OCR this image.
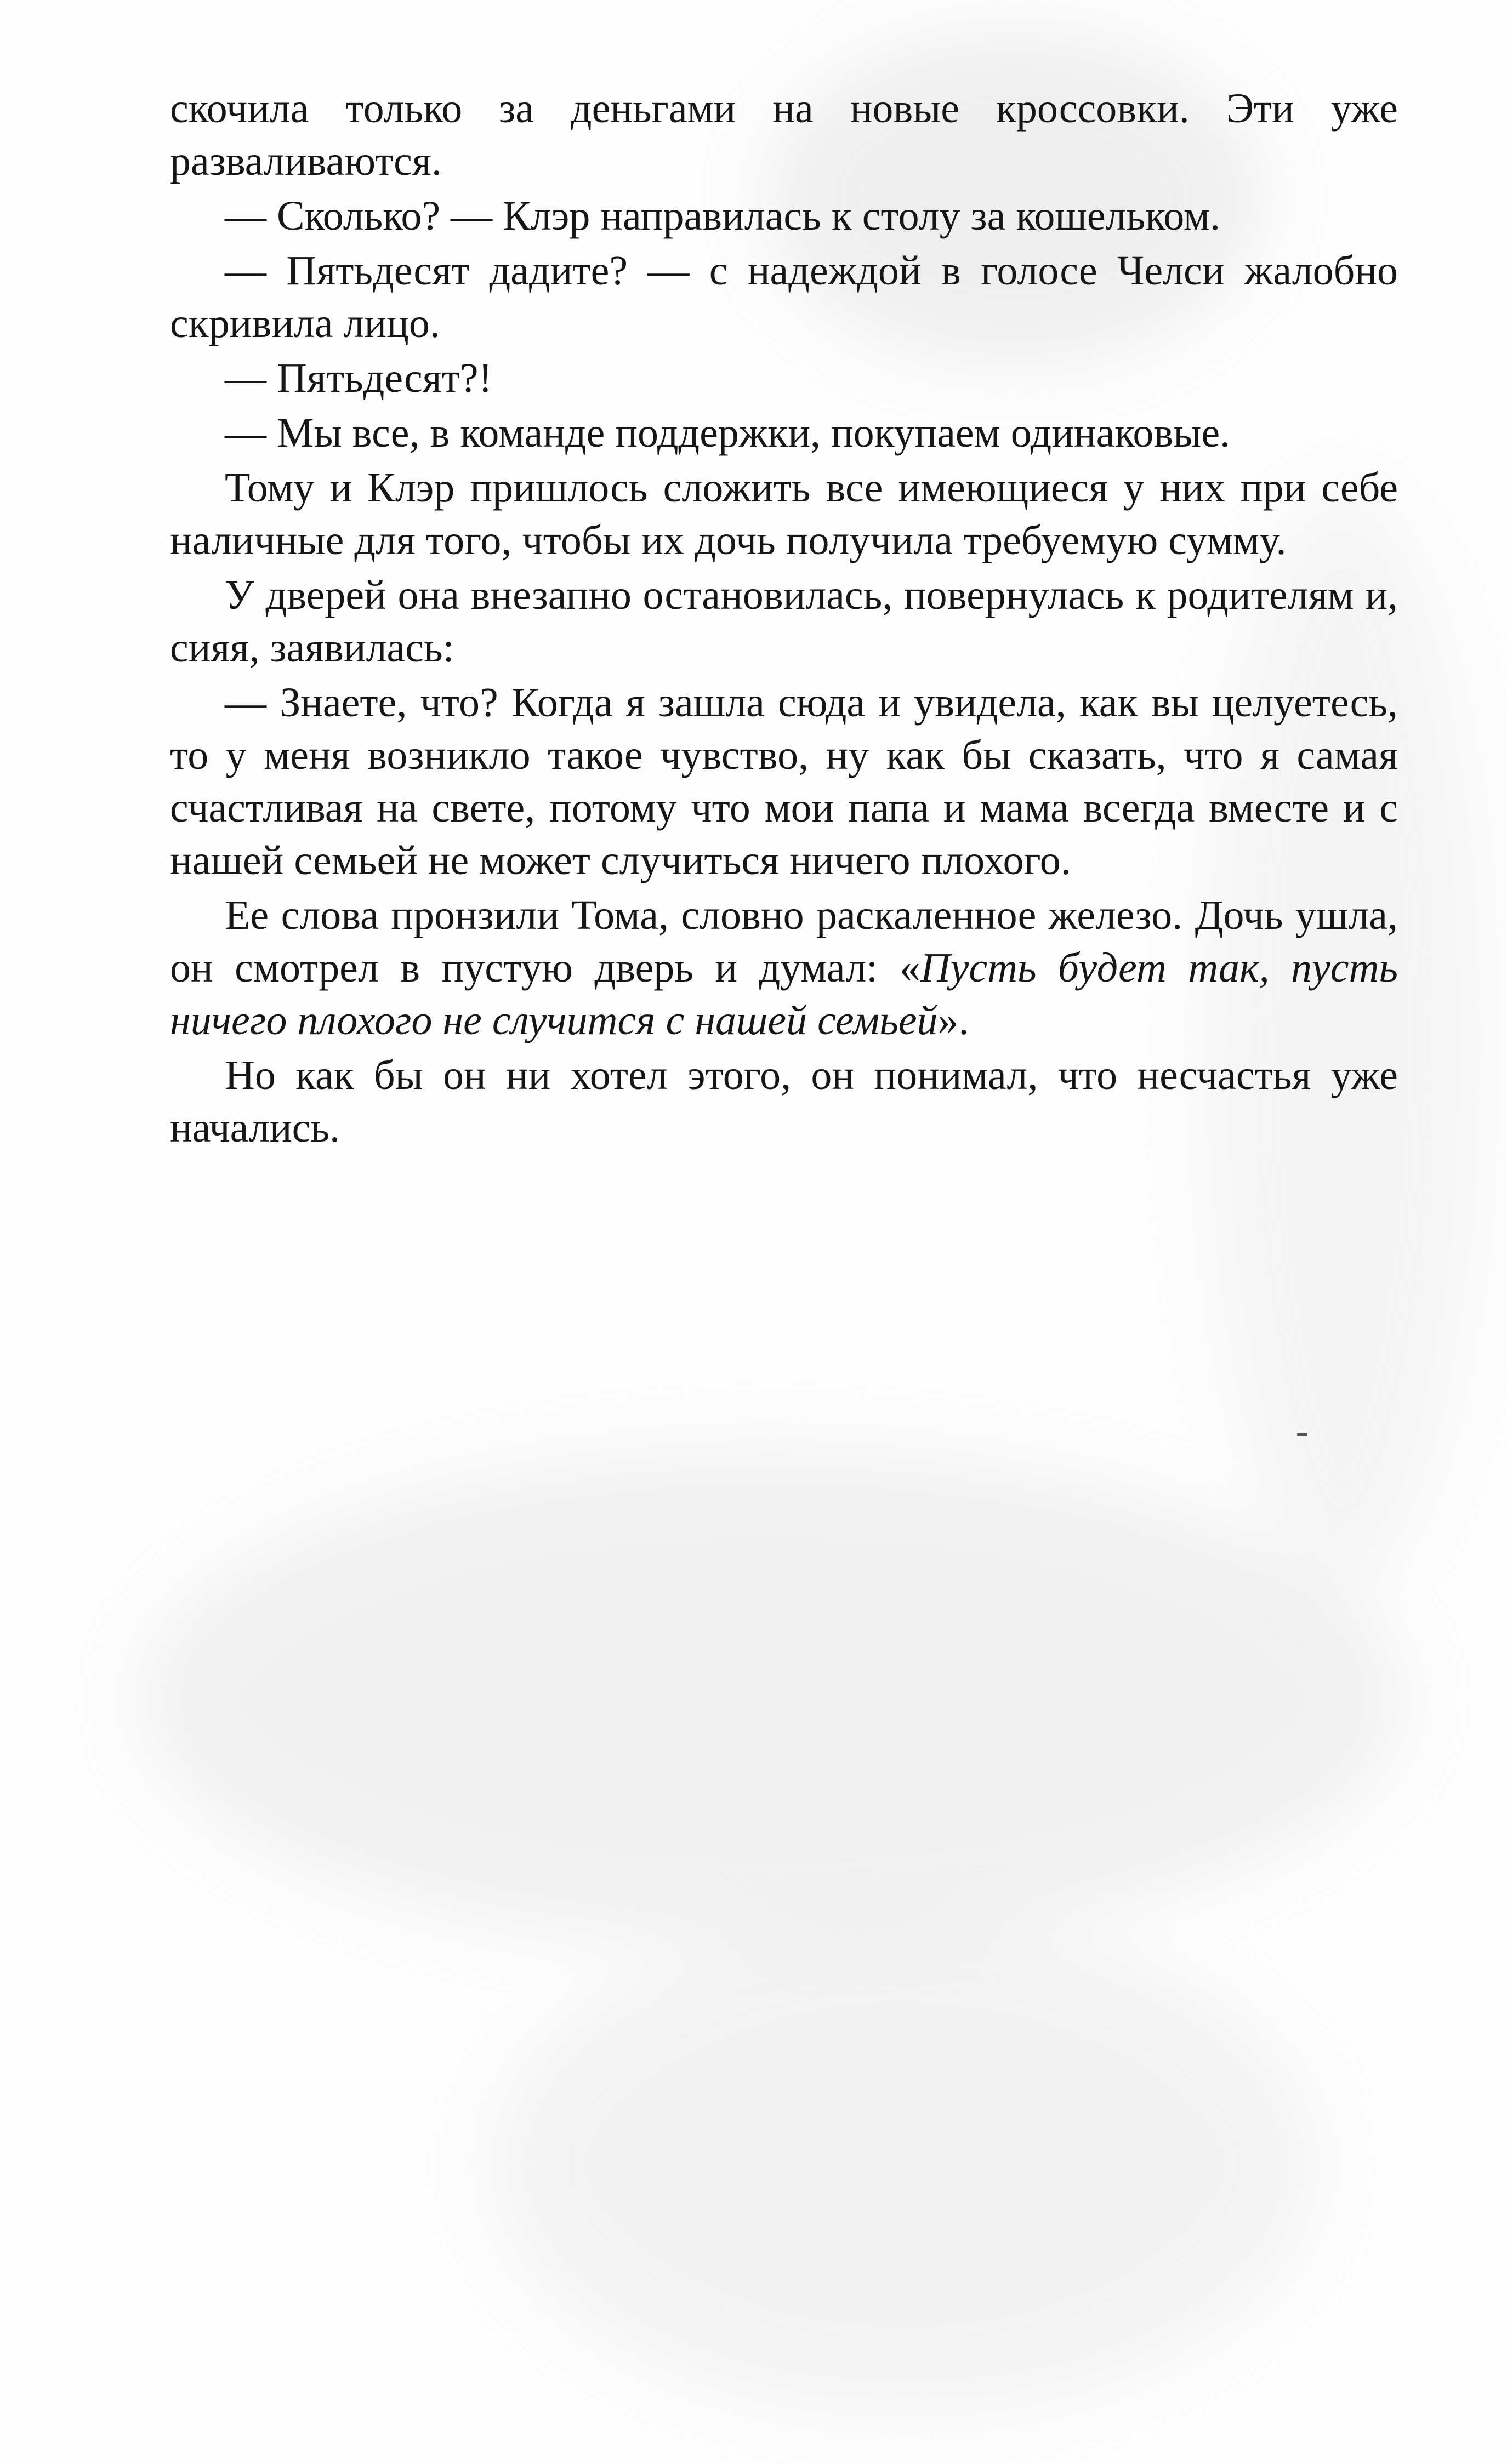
скочила только за деньгами на новые кроссовки. Эти уже разваливаются.

— Сколько? — Клэр направилась к столу за кошельком.

— Пятьдесят дадите? — с надеждой в голосе Челси жалобно скривила лицо.

— Пятьдесят?!

— Мы все, в команде поддержки, покупаем одинаковые.

Тому и Клэр пришлось сложить все имеющиеся у них при себе наличные для того, чтобы их дочь получила требуемую сумму.

У дверей она внезапно остановилась, повернулась к родителям и, сияя, заявилась:

— Знаете, что? Когда я зашла сюда и увидела, как вы целуетесь, то у меня возникло такое чувство, ну как бы сказать, что я самая счастливая на свете, потому что мои папа и мама всегда вместе и с нашей семьей не может случиться ничего плохого.

Ее слова пронзили Тома, словно раскаленное железо. Дочь ушла, он смотрел в пустую дверь и думал: «Пусть будет так, пусть ничего плохого не случится с нашей семьей».

Но как бы он ни хотел этого, он понимал, что несчастья уже начались.
